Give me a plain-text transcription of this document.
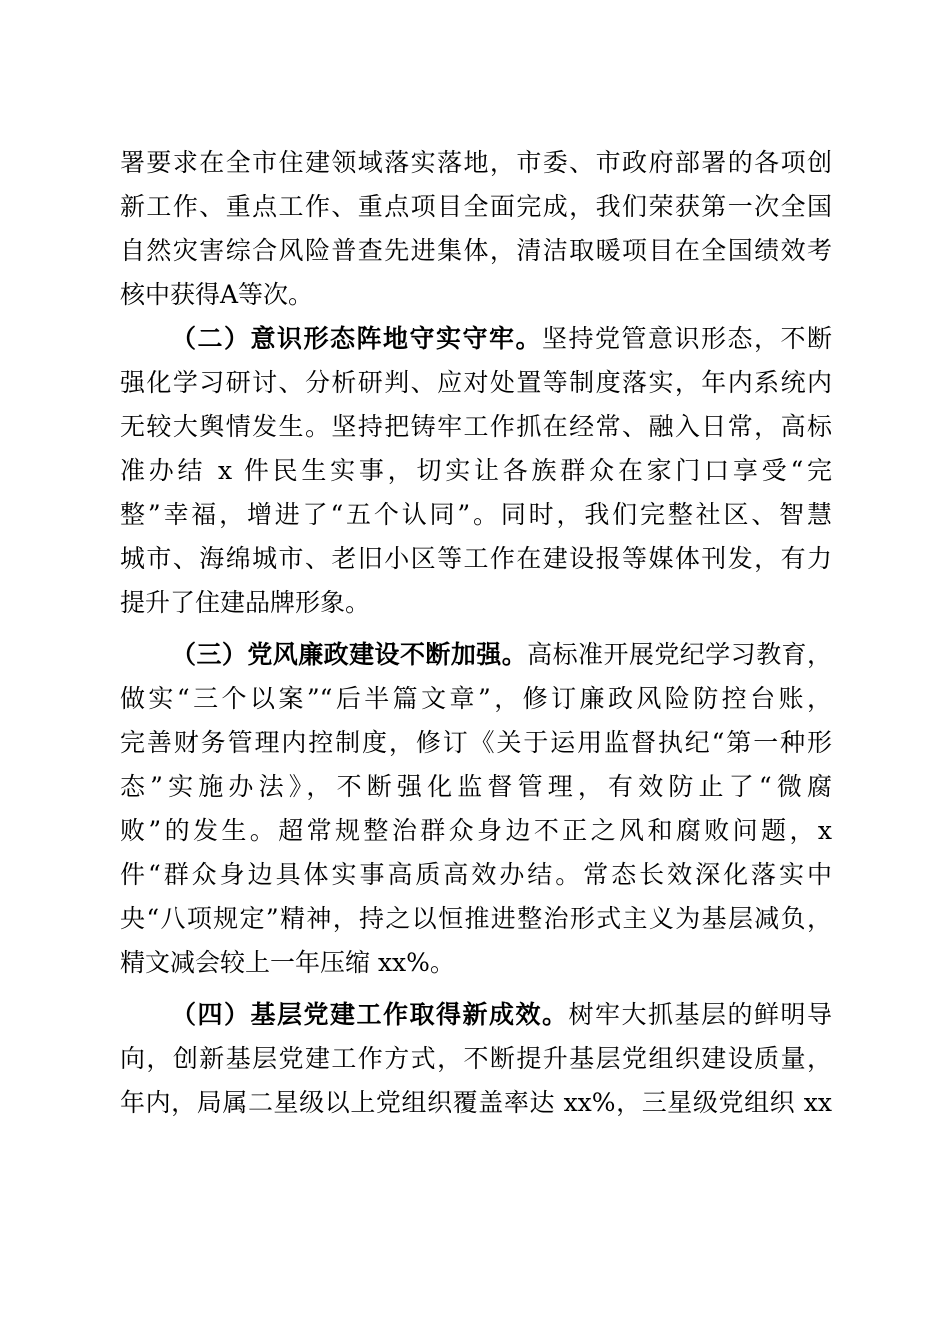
署要求在全市住建领域落实落地，市委、市政府部署的各项创
新工作、重点工作、重点项目全面完成，我们荣获第一次全国
自然灾害综合风险普查先进集体，清洁取暖项目在全国绩效考
核中获得A等次。
（二）意识形态阵地守实守牢。坚持党管意识形态，不断
强化学习研讨、分析研判、应对处置等制度落实，年内系统内
无较大舆情发生。坚持把铸牢工作抓在经常、融入日常，高标
准办结 x 件民生实事，切实让各族群众在家门口享受“完
整”幸福，增进了“五个认同”。同时，我们完整社区、智慧
城市、海绵城市、老旧小区等工作在建设报等媒体刊发，有力
提升了住建品牌形象。
（三）党风廉政建设不断加强。高标准开展党纪学习教育，
做实“三个以案”“后半篇文章”，修订廉政风险防控台账，
完善财务管理内控制度，修订《关于运用监督执纪“第一种形
态”实施办法》，不断强化监督管理，有效防止了“微腐
败”的发生。超常规整治群众身边不正之风和腐败问题，x
件“群众身边具体实事高质高效办结。常态长效深化落实中
央“八项规定”精神，持之以恒推进整治形式主义为基层减负，
精文减会较上一年压缩 xx%。
（四）基层党建工作取得新成效。树牢大抓基层的鲜明导
向，创新基层党建工作方式，不断提升基层党组织建设质量，
年内，局属二星级以上党组织覆盖率达 xx%，三星级党组织 xx
